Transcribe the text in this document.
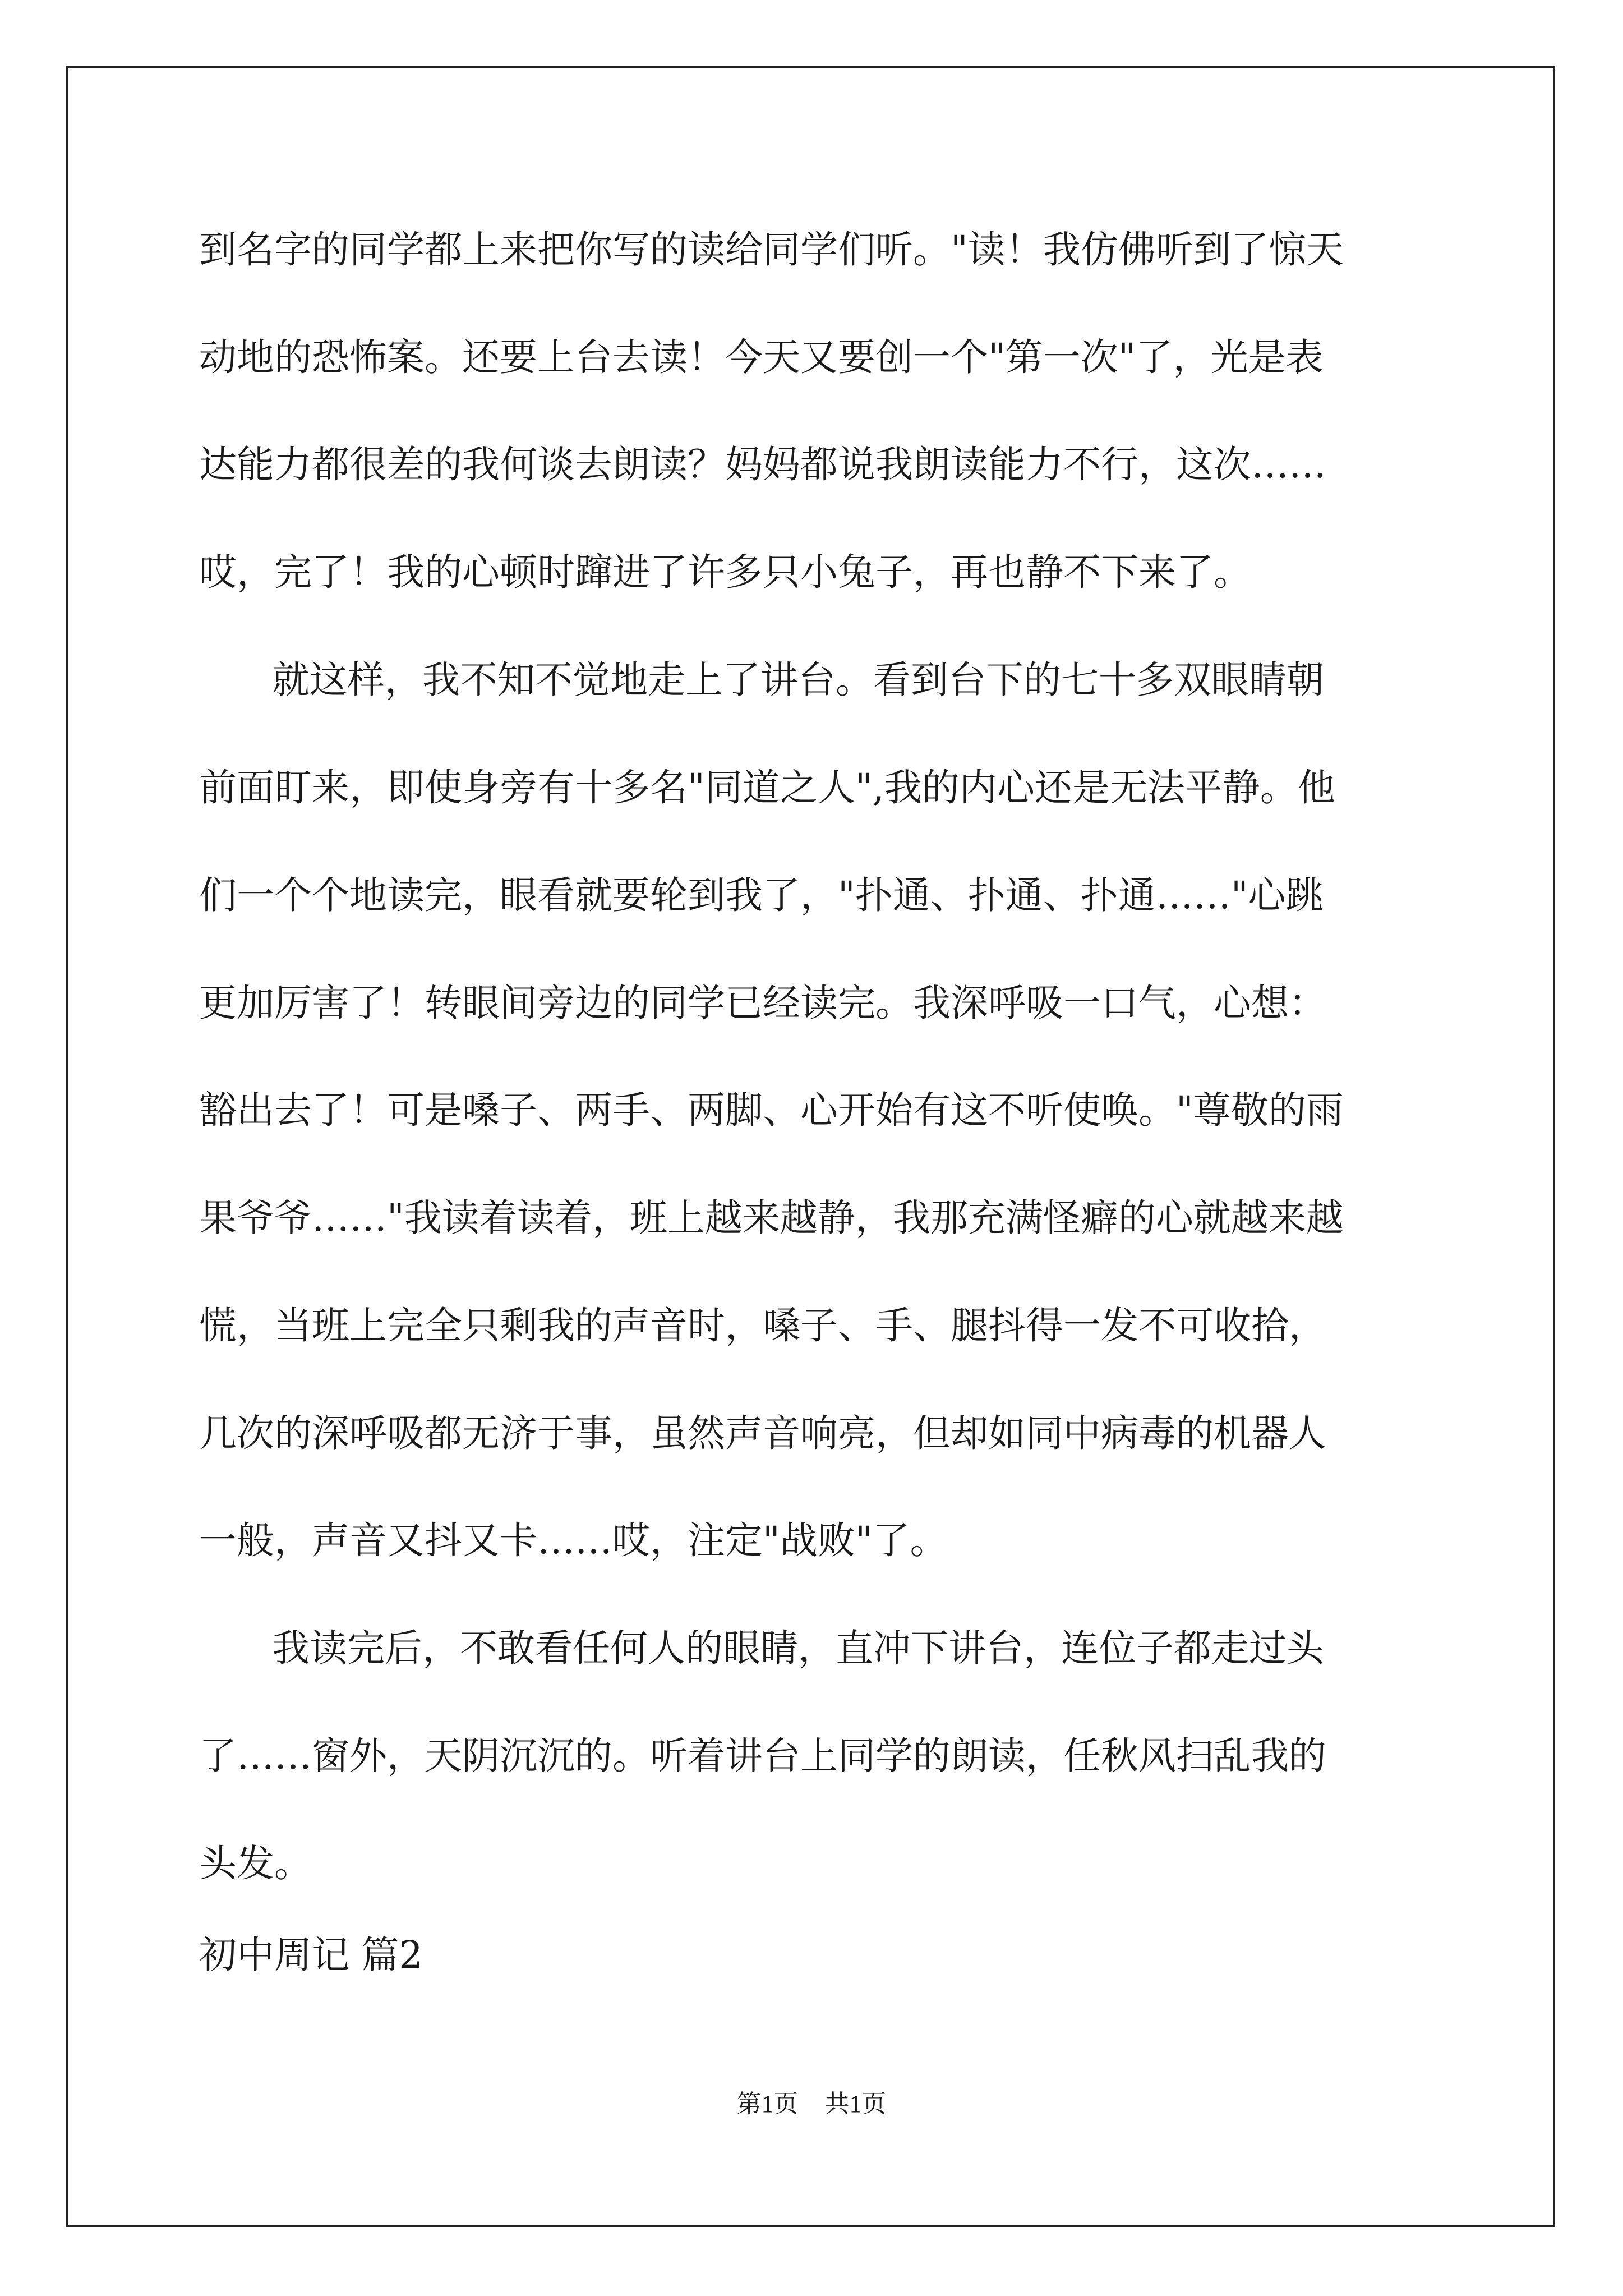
到名字的同学都上来把你写的读给同学们听。"读！我仿佛听到了惊天
动地的恐怖案。还要上台去读！今天又要创一个"第一次"了，光是表
达能力都很差的我何谈去朗读？妈妈都说我朗读能力不行，这次……
哎，完了！我的心顿时蹿进了许多只小兔子，再也静不下来了。
就这样，我不知不觉地走上了讲台。看到台下的七十多双眼睛朝
前面盯来，即使身旁有十多名"同道之人",我的内心还是无法平静。他
们一个个地读完，眼看就要轮到我了，"扑通、扑通、扑通……"心跳
更加厉害了！转眼间旁边的同学已经读完。我深呼吸一口气，心想：
豁出去了！可是嗓子、两手、两脚、心开始有这不听使唤。"尊敬的雨
果爷爷……"我读着读着，班上越来越静，我那充满怪癖的心就越来越
慌，当班上完全只剩我的声音时，嗓子、手、腿抖得一发不可收拾，
几次的深呼吸都无济于事，虽然声音响亮，但却如同中病毒的机器人
一般，声音又抖又卡……哎，注定"战败"了。
我读完后，不敢看任何人的眼睛，直冲下讲台，连位子都走过头
了……窗外，天阴沉沉的。听着讲台上同学的朗读，任秋风扫乱我的
头发。
初中周记 篇2
第1页 共1页
